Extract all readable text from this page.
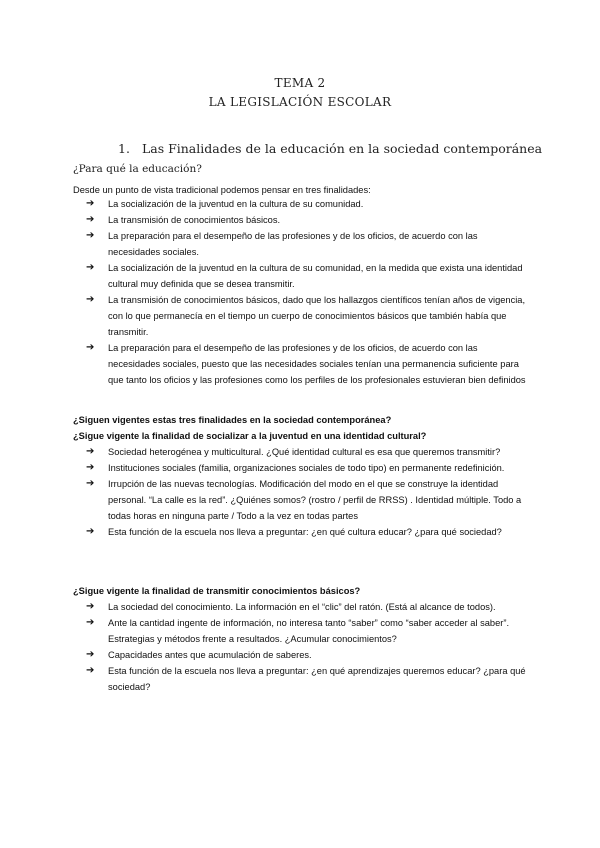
TEMA 2
LA LEGISLACIÓN ESCOLAR
1. Las Finalidades de la educación en la sociedad contemporánea
¿Para qué la educación?
Desde un punto de vista tradicional podemos pensar en tres finalidades:
➔ La socialización de la juventud en la cultura de su comunidad.
➔ La transmisión de conocimientos básicos.
➔ La preparación para el desempeño de las profesiones y de los oficios, de acuerdo con las necesidades sociales.
➔ La socialización de la juventud en la cultura de su comunidad, en la medida que exista una identidad cultural muy definida que se desea transmitir.
➔ La transmisión de conocimientos básicos, dado que los hallazgos científicos tenían años de vigencia, con lo que permanecía en el tiempo un cuerpo de conocimientos básicos que también había que transmitir.
➔ La preparación para el desempeño de las profesiones y de los oficios, de acuerdo con las necesidades sociales, puesto que las necesidades sociales tenían una permanencia suficiente para que tanto los oficios y las profesiones como los perfiles de los profesionales estuvieran bien definidos
¿Siguen vigentes estas tres finalidades en la sociedad contemporánea?
¿Sigue vigente la finalidad de socializar a la juventud en una identidad cultural?
➔ Sociedad heterogénea y multicultural. ¿Qué identidad cultural es esa que queremos transmitir?
➔ Instituciones sociales (familia, organizaciones sociales de todo tipo) en permanente redefinición.
➔ Irrupción de las nuevas tecnologías. Modificación del modo en el que se construye la identidad personal. “La calle es la red”. ¿Quiénes somos? (rostro / perfil de RRSS) . Identidad múltiple. Todo a todas horas en ninguna parte / Todo a la vez en todas partes
➔ Esta función de la escuela nos lleva a preguntar: ¿en qué cultura educar? ¿para qué sociedad?
¿Sigue vigente la finalidad de transmitir conocimientos básicos?
➔ La sociedad del conocimiento. La información en el “clic” del ratón. (Está al alcance de todos).
➔ Ante la cantidad ingente de información, no interesa tanto “saber” como “saber acceder al saber”. Estrategias y métodos frente a resultados. ¿Acumular conocimientos?
➔ Capacidades antes que acumulación de saberes.
➔ Esta función de la escuela nos lleva a preguntar: ¿en qué aprendizajes queremos educar? ¿para qué sociedad?
